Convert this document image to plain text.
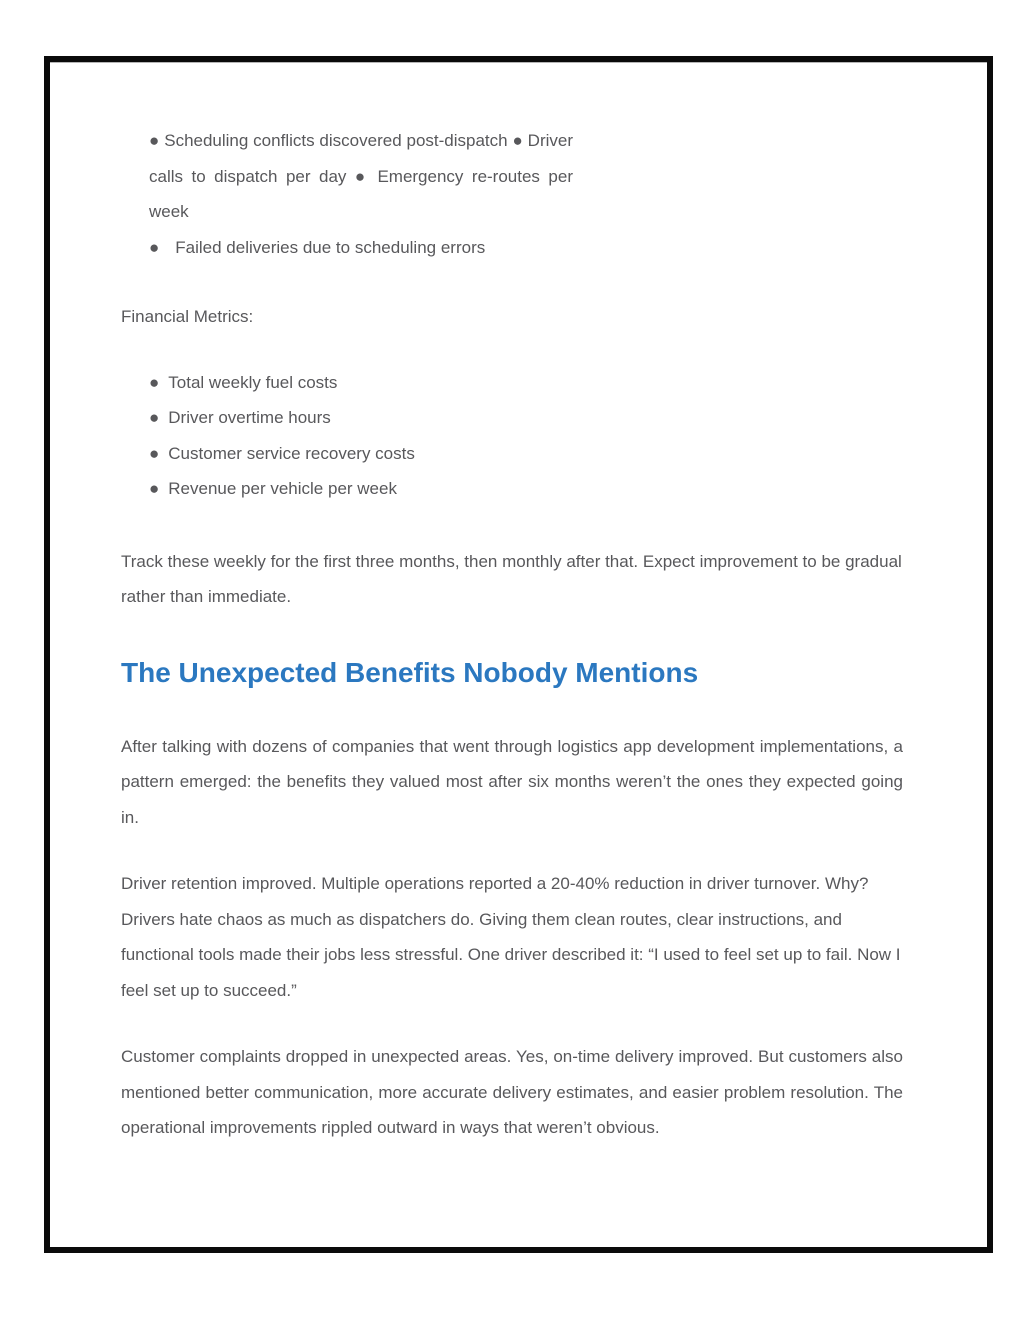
● Scheduling conflicts discovered post-dispatch ● Driver calls to dispatch per day ● Emergency re-routes per week

● Failed deliveries due to scheduling errors
Financial Metrics:
● Total weekly fuel costs
● Driver overtime hours
● Customer service recovery costs
● Revenue per vehicle per week

Track these weekly for the first three months, then monthly after that. Expect improvement to be gradual rather than immediate.

The Unexpected Benefits Nobody Mentions

After talking with dozens of companies that went through logistics app development implementations, a pattern emerged: the benefits they valued most after six months weren’t the ones they expected going in.

Driver retention improved. Multiple operations reported a 20-40% reduction in driver turnover. Why? Drivers hate chaos as much as dispatchers do. Giving them clean routes, clear instructions, and functional tools made their jobs less stressful. One driver described it: “I used to feel set up to fail. Now I feel set up to succeed.”

Customer complaints dropped in unexpected areas. Yes, on-time delivery improved. But customers also mentioned better communication, more accurate delivery estimates, and easier problem resolution. The operational improvements rippled outward in ways that weren’t obvious.
